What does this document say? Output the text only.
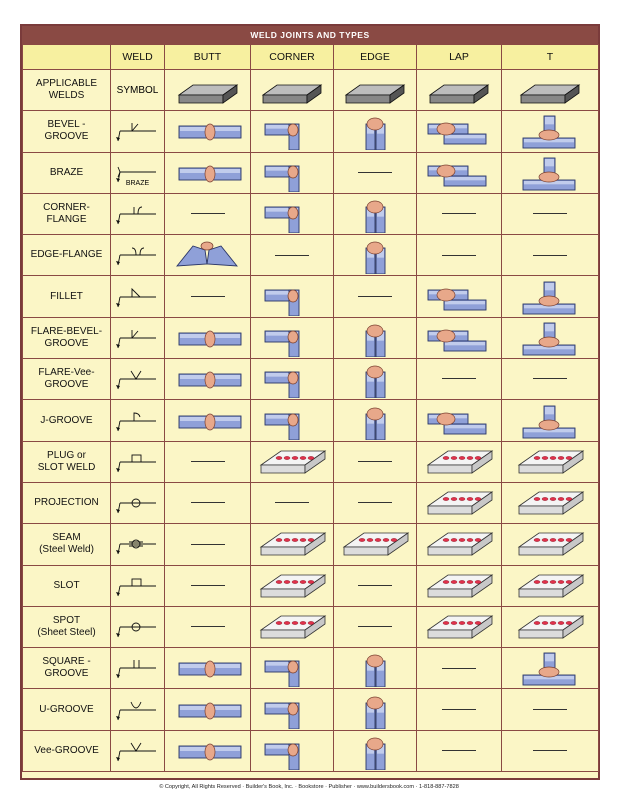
WELD JOINTS AND TYPES
	WELD	BUTT	CORNER	EDGE	LAP	T

APPLICABLE
WELDS	SYMBOL	

BEVEL -
GROOVE

BRAZE	BRAZE

CORNER-
FLANGE

EDGE-FLANGE

FILLET

FLARE-BEVEL-
GROOVE

FLARE-Vee-
GROOVE

J-GROOVE

PLUG or
SLOT WELD

PROJECTION

SEAM
(Steel Weld)

SLOT

SPOT
(Sheet Steel)

SQUARE -
GROOVE

U-GROOVE

Vee-GROOVE

© Copyright, All Rights Reserved · Builder's Book, Inc. · Bookstore · Publisher · www.buildersbook.com · 1-818-887-7828
